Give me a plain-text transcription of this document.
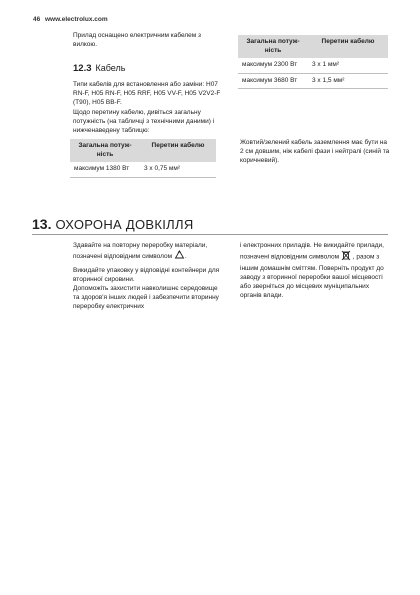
46 www.electrolux.com
Прилад оснащено електричним кабелем з вилкою.
12.3 Кабель
Типи кабелів для встановлення або заміни: H07 RN-F, H05 RN-F, H05 RRF, H05 VV-F, H05 V2V2-F (T90), H05 BB-F.
Щодо перетину кабелю, дивіться загальну потужність (на табличці з технічними даними) і нижченаведену таблицю:
Загальна потуж-ність	Перетин кабелю
максимум 1380 Вт	3 x 0,75 мм²
Загальна потуж-ність	Перетин кабелю
максимум 2300 Вт	3 x 1 мм²
максимум 3680 Вт	3 x 1,5 мм²
Жовтий/зелений кабель заземлення має бути на 2 см довшим, ніж кабелі фази і нейтралі (синій та коричневий).
13. ОХОРОНА ДОВКІЛЛЯ
Здавайте на повторну переробку матеріали, позначені відповідним символом .
Викидайте упаковку у відповідні контейнери для вторинної сировини.
Допоможіть захистити навколишнє середовище та здоров'я інших людей і забезпечити вторинну переробку електричних
і електронних приладів. Не викидайте прилади, позначені відповідним символом , разом з іншим домашнім сміттям. Поверніть продукт до заводу з вторинної переробки вашої місцевості або зверніться до місцевих муніципальних органів влади.
